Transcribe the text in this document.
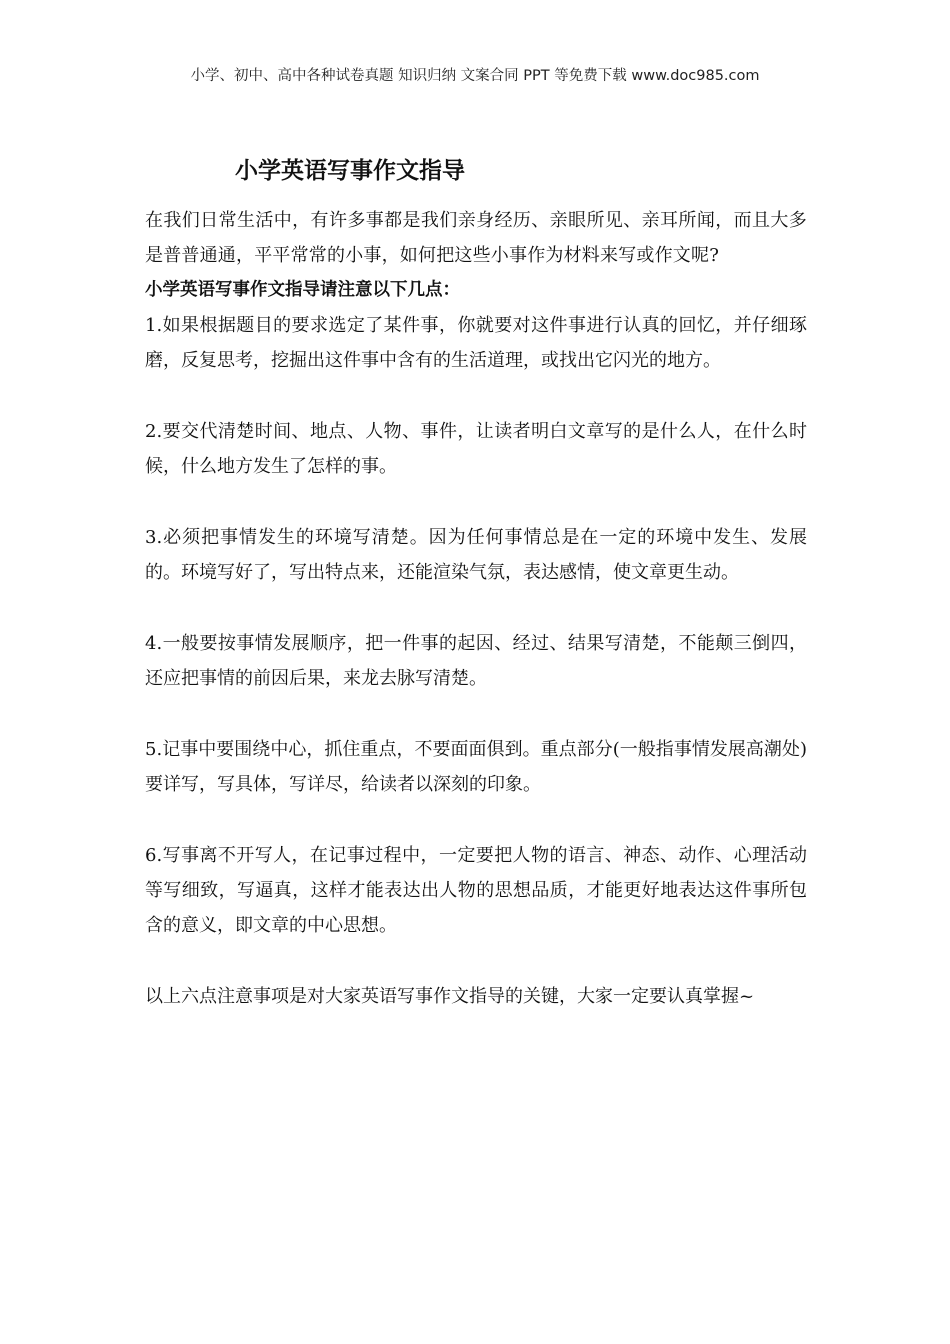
小学、初中、高中各种试卷真题 知识归纳 文案合同 PPT 等免费下载 www.doc985.com
小学英语写事作文指导

在我们日常生活中，有许多事都是我们亲身经历、亲眼所见、亲耳所闻，而且大多是普普通通，平平常常的小事，如何把这些小事作为材料来写或作文呢?

小学英语写事作文指导请注意以下几点：

1.如果根据题目的要求选定了某件事，你就要对这件事进行认真的回忆，并仔细琢磨，反复思考，挖掘出这件事中含有的生活道理，或找出它闪光的地方。

2.要交代清楚时间、地点、人物、事件，让读者明白文章写的是什么人，在什么时候，什么地方发生了怎样的事。

3.必须把事情发生的环境写清楚。因为任何事情总是在一定的环境中发生、发展的。环境写好了，写出特点来，还能渲染气氛，表达感情，使文章更生动。

4.一般要按事情发展顺序，把一件事的起因、经过、结果写清楚，不能颠三倒四，还应把事情的前因后果，来龙去脉写清楚。

5.记事中要围绕中心，抓住重点，不要面面俱到。重点部分(一般指事情发展高潮处)要详写，写具体，写详尽，给读者以深刻的印象。

6.写事离不开写人，在记事过程中，一定要把人物的语言、神态、动作、心理活动等写细致，写逼真，这样才能表达出人物的思想品质，才能更好地表达这件事所包含的意义，即文章的中心思想。

以上六点注意事项是对大家英语写事作文指导的关键，大家一定要认真掌握~
